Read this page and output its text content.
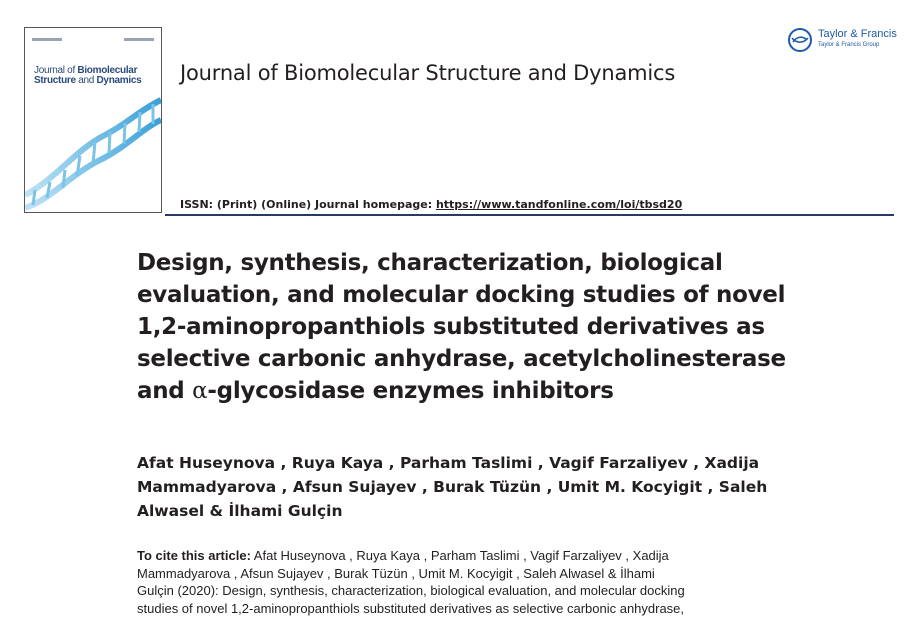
Journal of Biomolecular
Structure and Dynamics	Journal of Biomolecular Structure and Dynamics
Taylor & Francis
Taylor & Francis Group
ISSN: (Print) (Online) Journal homepage: https://www.tandfonline.com/loi/tbsd20
Design, synthesis, characterization, biological
evaluation, and molecular docking studies of novel
1,2-aminopropanthiols substituted derivatives as
selective carbonic anhydrase, acetylcholinesterase
and α-glycosidase enzymes inhibitors
Afat Huseynova , Ruya Kaya , Parham Taslimi , Vagif Farzaliyev , Xadija
Mammadyarova , Afsun Sujayev , Burak Tüzün , Umit M. Kocyigit , Saleh
Alwasel & İlhami Gulçin
To cite this article: Afat Huseynova , Ruya Kaya , Parham Taslimi , Vagif Farzaliyev , Xadija
Mammadyarova , Afsun Sujayev , Burak Tüzün , Umit M. Kocyigit , Saleh Alwasel & İlhami
Gulçin (2020): Design, synthesis, characterization, biological evaluation, and molecular docking
studies of novel 1,2-aminopropanthiols substituted derivatives as selective carbonic anhydrase,
